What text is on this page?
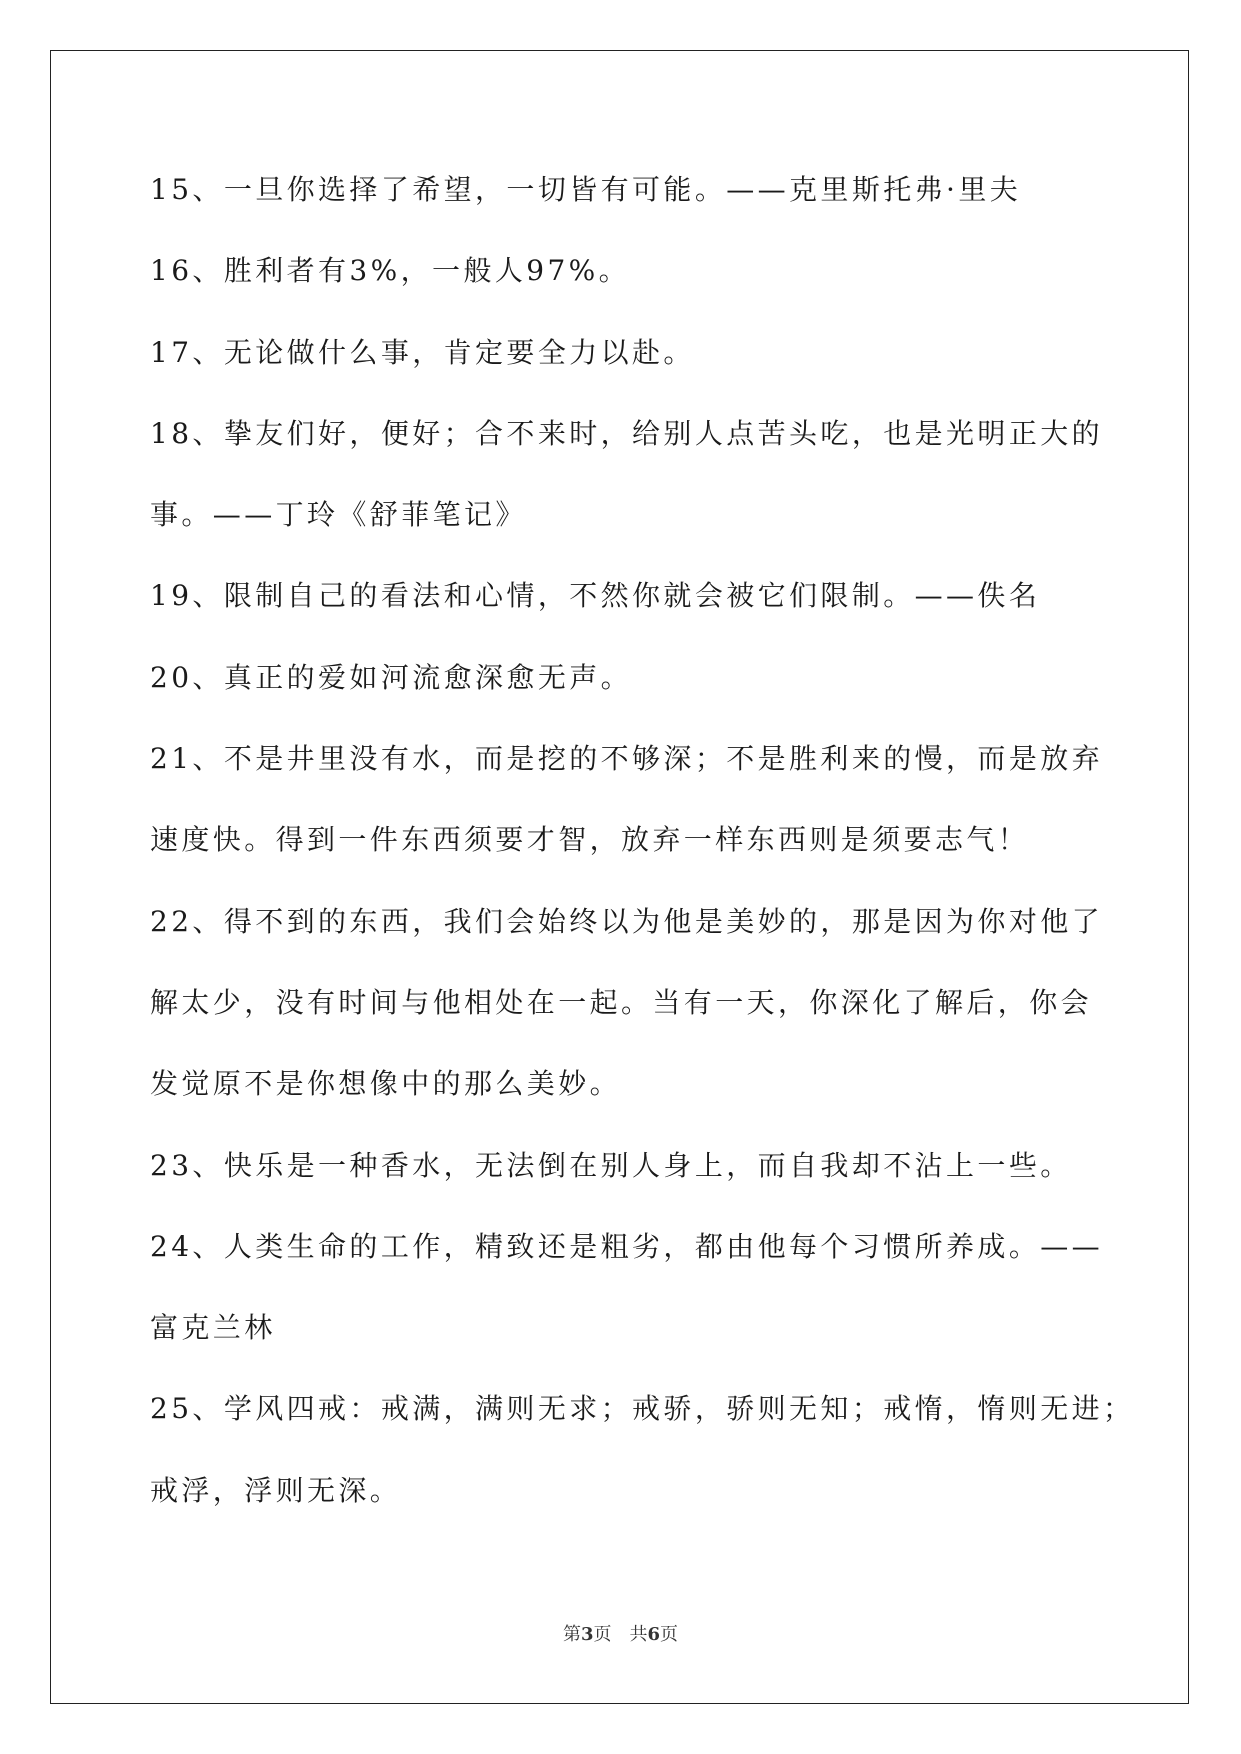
15、一旦你选择了希望，一切皆有可能。——克里斯托弗·里夫
16、胜利者有3%，一般人97%。
17、无论做什么事，肯定要全力以赴。
18、挚友们好，便好；合不来时，给别人点苦头吃，也是光明正大的
事。——丁玲《舒菲笔记》
19、限制自己的看法和心情，不然你就会被它们限制。——佚名
20、真正的爱如河流愈深愈无声。
21、不是井里没有水，而是挖的不够深；不是胜利来的慢，而是放弃
速度快。得到一件东西须要才智，放弃一样东西则是须要志气！
22、得不到的东西，我们会始终以为他是美妙的，那是因为你对他了
解太少，没有时间与他相处在一起。当有一天，你深化了解后，你会
发觉原不是你想像中的那么美妙。
23、快乐是一种香水，无法倒在别人身上，而自我却不沾上一些。
24、人类生命的工作，精致还是粗劣，都由他每个习惯所养成。——
富克兰林
25、学风四戒：戒满，满则无求；戒骄，骄则无知；戒惰，惰则无进；
戒浮，浮则无深。
第3页 共6页
